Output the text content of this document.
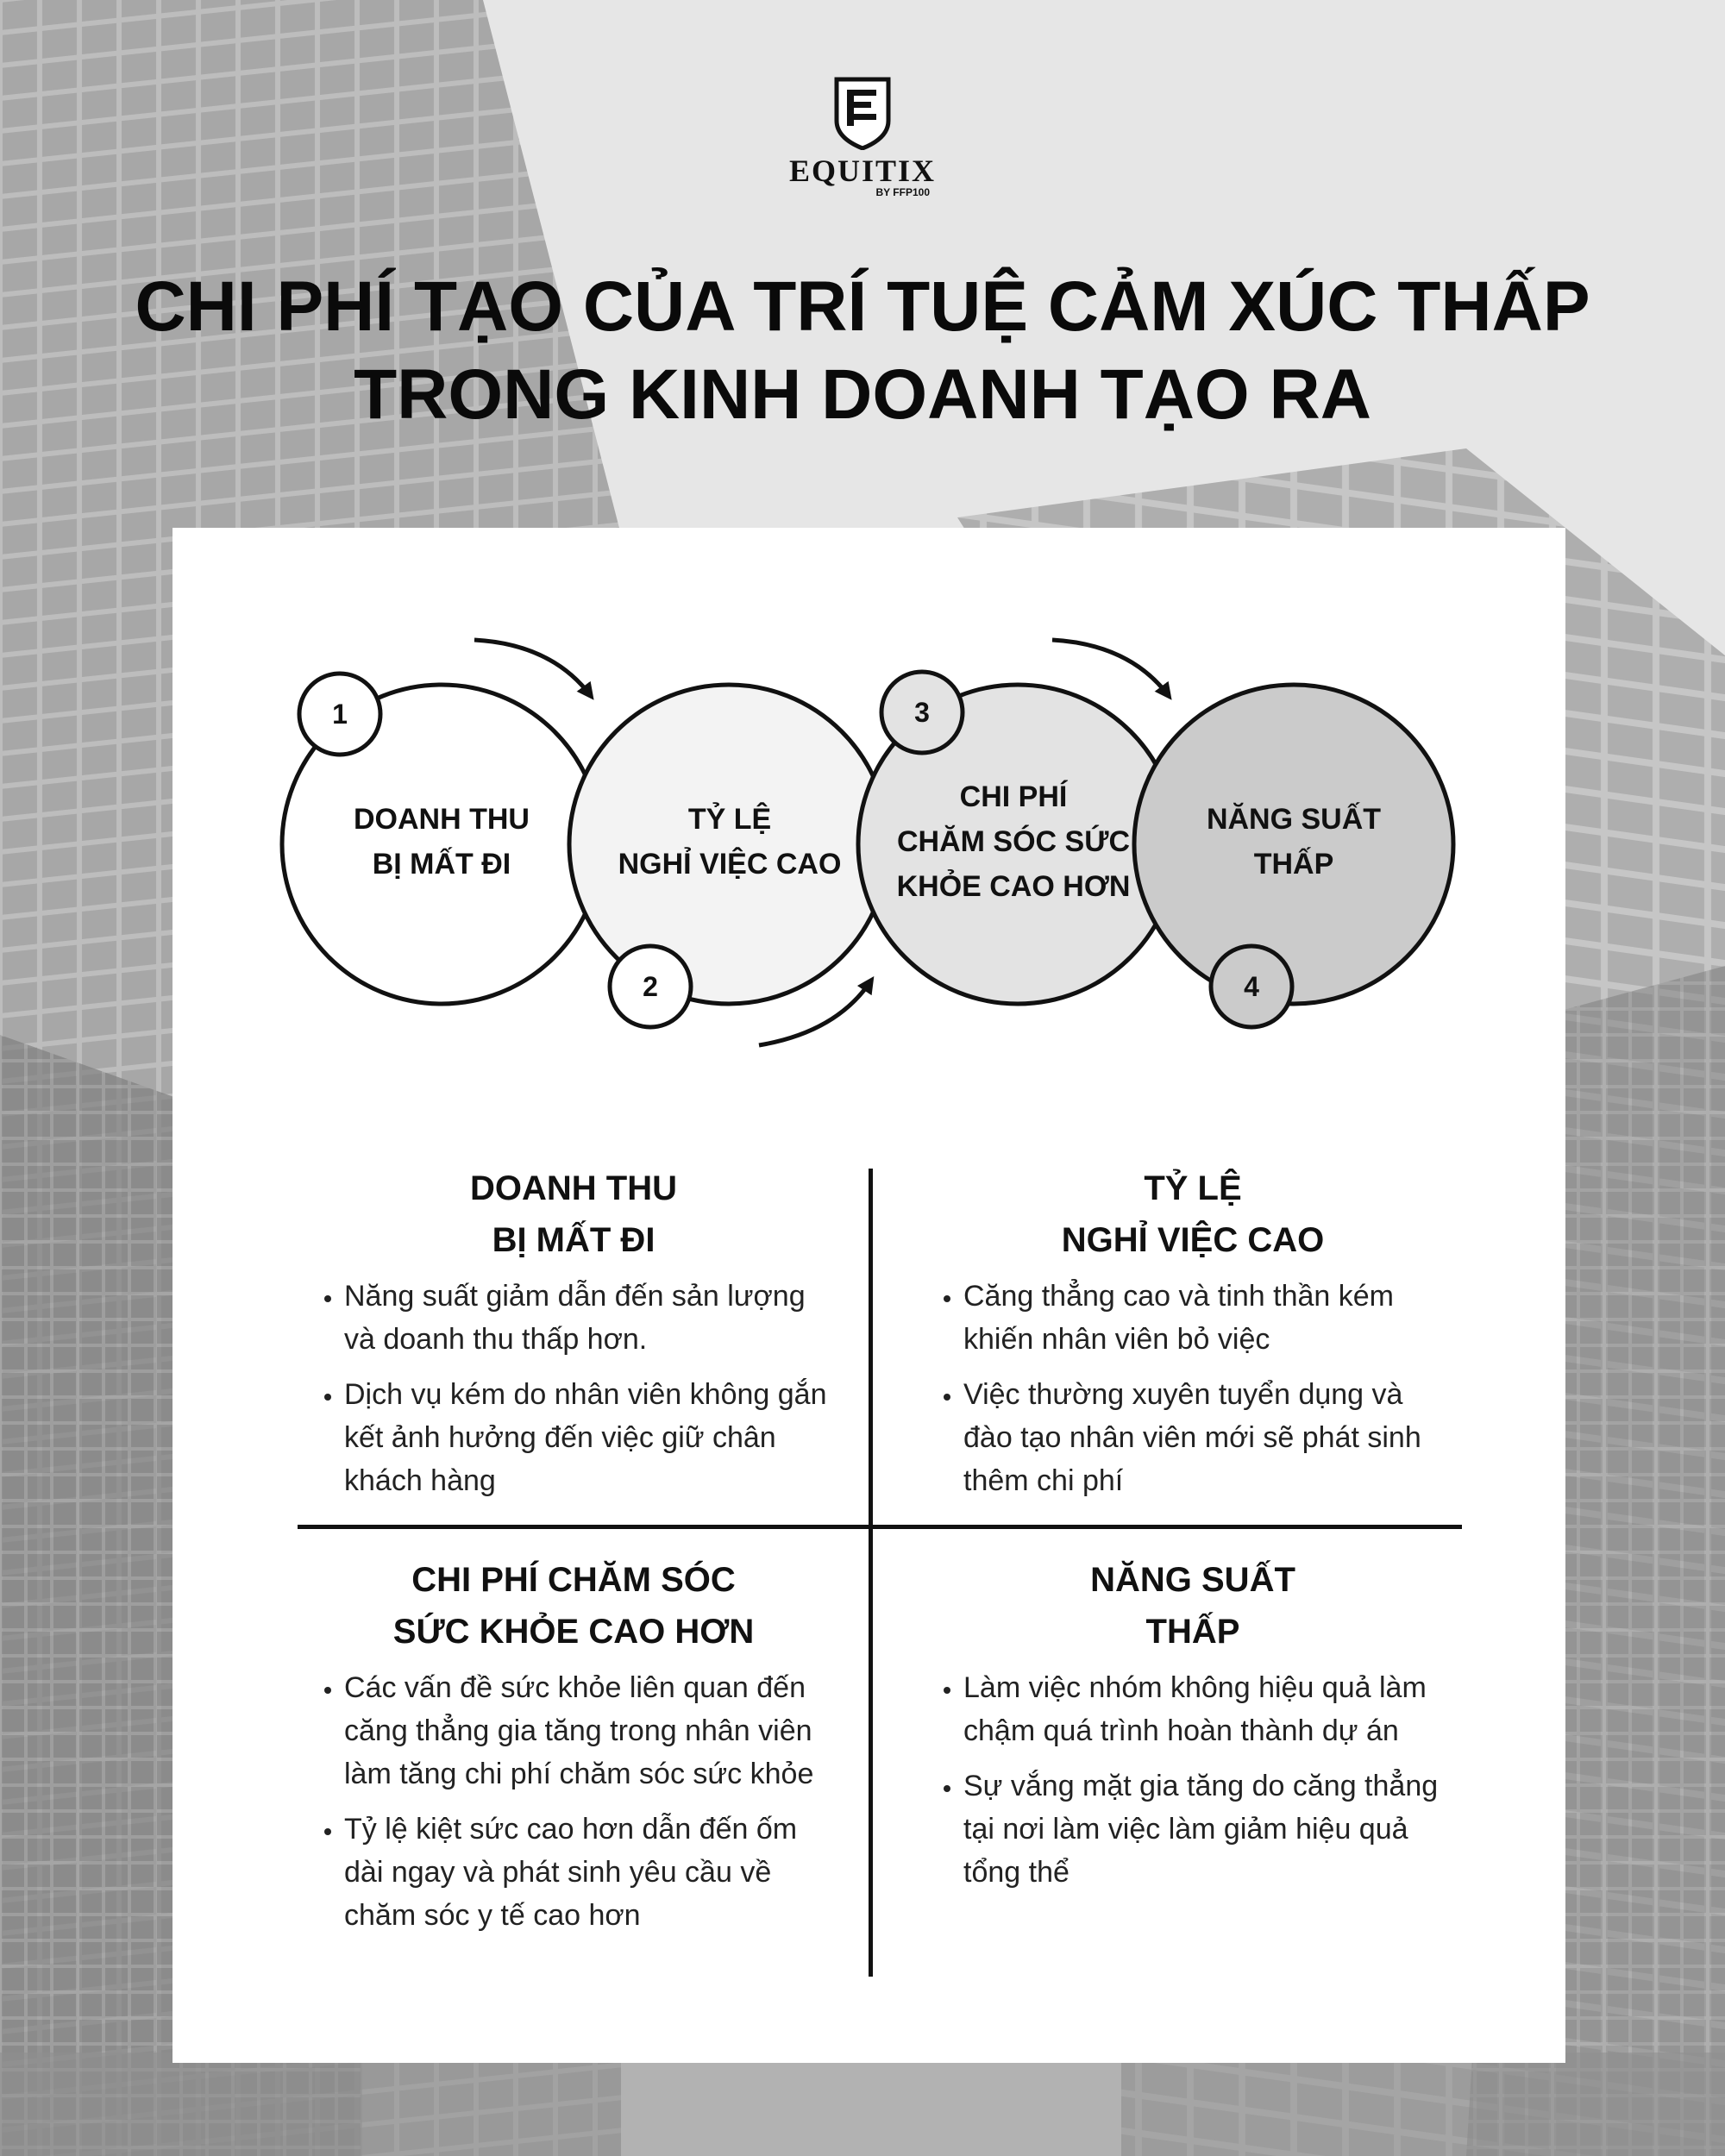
EQUITIX
BY FFP100
CHI PHÍ TẠO CỦA TRÍ TUỆ CẢM XÚC THẤP
TRONG KINH DOANH TẠO RA
1
2
3
4
DOANH THU
BỊ MẤT ĐI
TỶ LỆ
NGHỈ VIỆC CAO
CHI PHÍ
CHĂM SÓC SỨC
KHỎE CAO HƠN
NĂNG SUẤT
THẤP
DOANH THU
BỊ MẤT ĐI
• Năng suất giảm dẫn đến sản lượng và doanh thu thấp hơn.
• Dịch vụ kém do nhân viên không gắn kết ảnh hưởng đến việc giữ chân khách hàng
TỶ LỆ
NGHỈ VIỆC CAO
• Căng thẳng cao và tinh thần kém khiến nhân viên bỏ việc
• Việc thường xuyên tuyển dụng và đào tạo nhân viên mới sẽ phát sinh thêm chi phí
CHI PHÍ CHĂM SÓC
SỨC KHỎE CAO HƠN
• Các vấn đề sức khỏe liên quan đến căng thẳng gia tăng trong nhân viên làm tăng chi phí chăm sóc sức khỏe
• Tỷ lệ kiệt sức cao hơn dẫn đến ốm dài ngay và phát sinh yêu cầu về chăm sóc y tế cao hơn
NĂNG SUẤT
THẤP
• Làm việc nhóm không hiệu quả làm chậm quá trình hoàn thành dự án
• Sự vắng mặt gia tăng do căng thẳng tại nơi làm việc làm giảm hiệu quả tổng thể
